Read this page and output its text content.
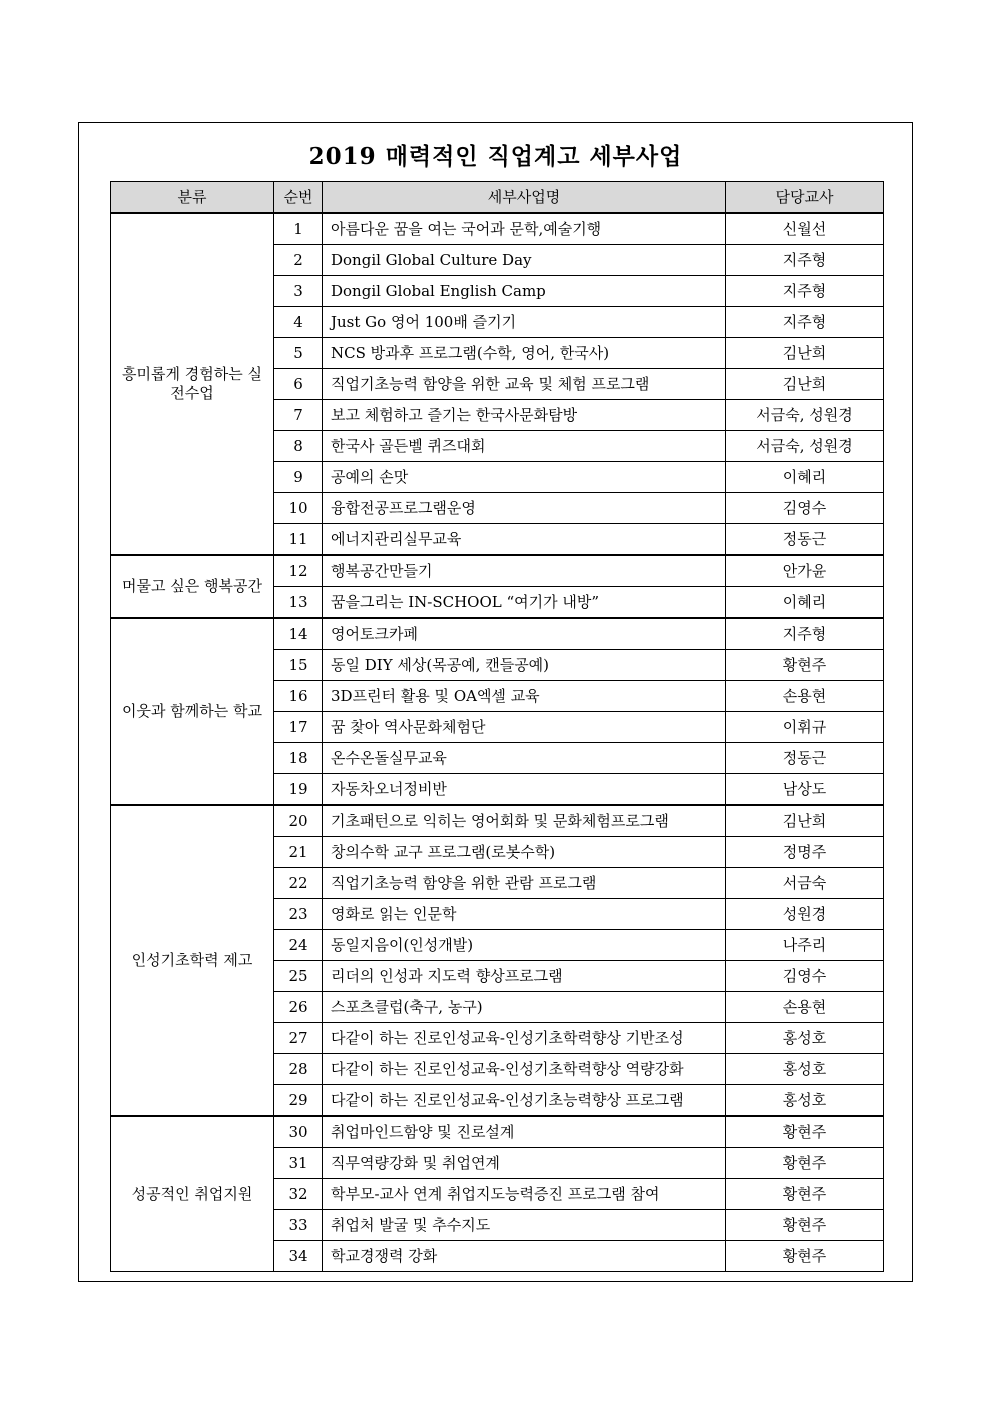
2019 매력적인 직업계고 세부사업
분류	순번	세부사업명	담당교사
흥미롭게 경험하는 실전수업	1	아름다운 꿈을 여는 국어과 문학,예술기행	신월선
	2	Dongil Global Culture Day	지주형
	3	Dongil Global English Camp	지주형
	4	Just Go 영어 100배 즐기기	지주형
	5	NCS 방과후 프로그램(수학, 영어, 한국사)	김난희
	6	직업기초능력 함양을 위한 교육 및 체험 프로그램	김난희
	7	보고 체험하고 즐기는 한국사문화탐방	서금숙, 성원경
	8	한국사 골든벨 퀴즈대회	서금숙, 성원경
	9	공예의 손맛	이혜리
	10	융합전공프로그램운영	김영수
	11	에너지관리실무교육	정동근
머물고 싶은 행복공간	12	행복공간만들기	안가윤
	13	꿈을그리는 IN-SCHOOL “여기가 내방”	이혜리
이웃과 함께하는 학교	14	영어토크카페	지주형
	15	동일 DIY 세상(목공예, 캔들공예)	황현주
	16	3D프린터 활용 및 OA엑셀 교육	손용현
	17	꿈 찾아 역사문화체험단	이휘규
	18	온수온돌실무교육	정동근
	19	자동차오너정비반	남상도
인성기초학력 제고	20	기초패턴으로 익히는 영어회화 및 문화체험프로그램	김난희
	21	창의수학 교구 프로그램(로봇수학)	정명주
	22	직업기초능력 함양을 위한 관람 프로그램	서금숙
	23	영화로 읽는 인문학	성원경
	24	동일지음이(인성개발)	나주리
	25	리더의 인성과 지도력 향상프로그램	김영수
	26	스포츠클럽(축구, 농구)	손용현
	27	다같이 하는 진로인성교육-인성기초학력향상 기반조성	홍성호
	28	다같이 하는 진로인성교육-인성기초학력향상 역량강화	홍성호
	29	다같이 하는 진로인성교육-인성기초능력향상 프로그램	홍성호
성공적인 취업지원	30	취업마인드함양 및 진로설계	황현주
	31	직무역량강화 및 취업연계	황현주
	32	학부모-교사 연계 취업지도능력증진 프로그램 참여	황현주
	33	취업처 발굴 및 추수지도	황현주
	34	학교경쟁력 강화	황현주
